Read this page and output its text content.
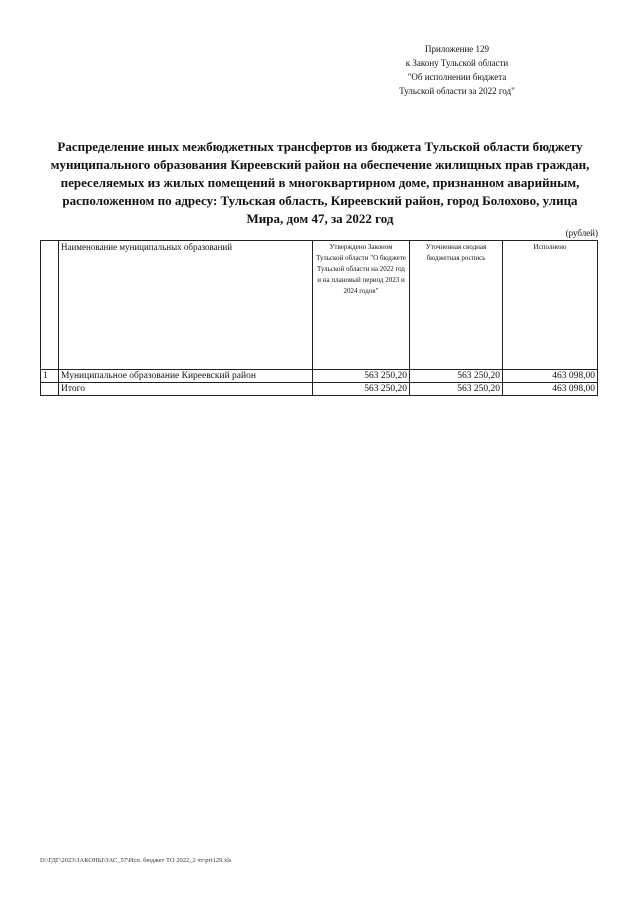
Приложение 129
к Закону Тульской области
"Об исполнении бюджета
Тульской области за 2022 год"
Распределение иных межбюджетных трансфертов из бюджета Тульской области бюджету
муниципального образования Киреевский район на обеспечение жилищных прав граждан,
переселяемых из жилых помещений в многоквартирном доме, признанном аварийным,
расположенном по адресу: Тульская область, Киреевский район, город Болохово, улица
Мира, дом 47, за 2022 год
(рублей)
	Наименование муниципальных образований	Утверждено Законом Тульской области "О бюджете Тульской области на 2022 год и на плановый период 2023 и 2024 годов"	Уточненная сводная бюджетная роспись	Исполнено
1	Муниципальное образование Киреевский район	563 250,20	563 250,20	463 098,00
	Итого	563 250,20	563 250,20	463 098,00
D:\ГДГ\2023\ЗАКОНЫ\ЗАС_57\Исп. бюджет ТО 2022_2 чт\pri129.xls
